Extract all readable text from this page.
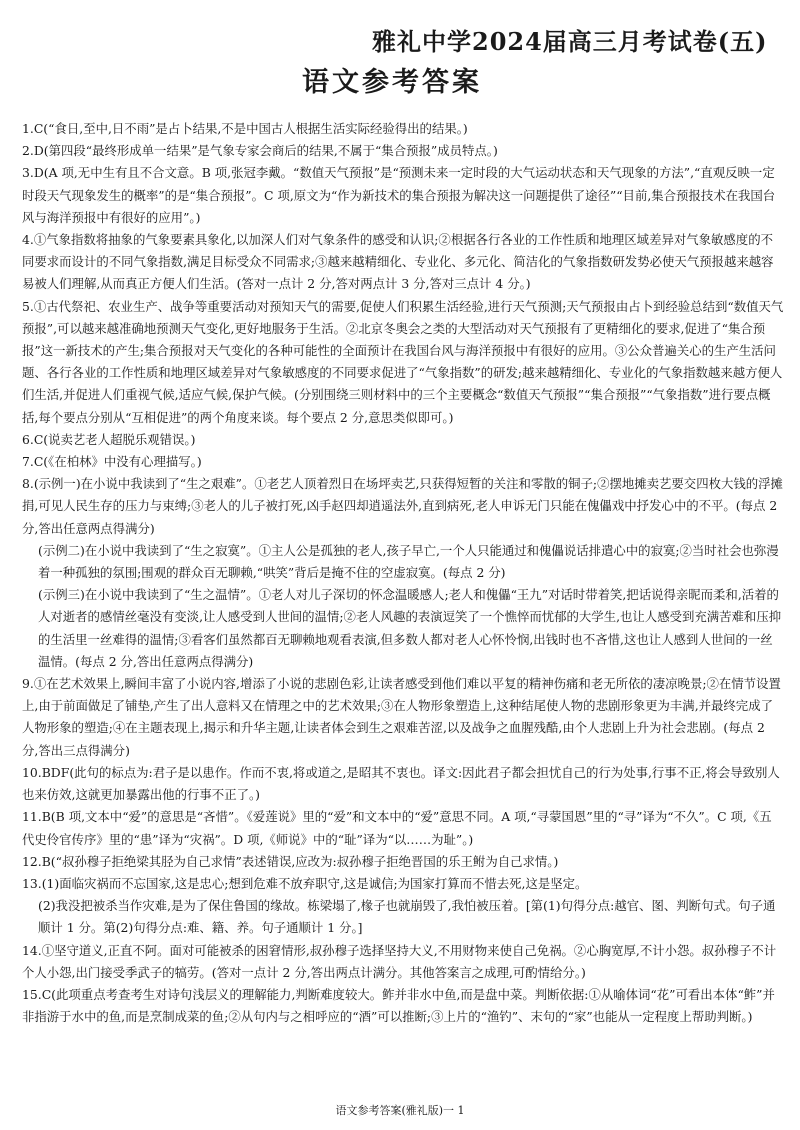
雅礼中学2024届高三月考试卷(五)
语文参考答案

1.C(“食日,至中,日不雨”是占卜结果,不是中国古人根据生活实际经验得出的结果。)

2.D(第四段“最终形成单一结果”是气象专家会商后的结果,不属于“集合预报”成员特点。)

3.D(A 项,无中生有且不合文意。B 项,张冠李戴。“数值天气预报”是“预测未来一定时段的大气运动状态和天气现象的方法”,“直观反映一定时段天气现象发生的概率”的是“集合预报”。C 项,原文为“作为新技术的集合预报为解决这一问题提供了途径”“目前,集合预报技术在我国台风与海洋预报中有很好的应用”。)

4.①气象指数将抽象的气象要素具象化,以加深人们对气象条件的感受和认识;②根据各行各业的工作性质和地理区域差异对气象敏感度的不同要求而设计的不同气象指数,满足目标受众不同需求;③越来越精细化、专业化、多元化、简洁化的气象指数研发势必使天气预报越来越容易被人们理解,从而真正方便人们生活。(答对一点计 2 分,答对两点计 3 分,答对三点计 4 分。)

5.①古代祭祀、农业生产、战争等重要活动对预知天气的需要,促使人们积累生活经验,进行天气预测;天气预报由占卜到经验总结到“数值天气预报”,可以越来越准确地预测天气变化,更好地服务于生活。②北京冬奥会之类的大型活动对天气预报有了更精细化的要求,促进了“集合预报”这一新技术的产生;集合预报对天气变化的各种可能性的全面预计在我国台风与海洋预报中有很好的应用。③公众普遍关心的生产生活问题、各行各业的工作性质和地理区域差异对气象敏感度的不同要求促进了“气象指数”的研发;越来越精细化、专业化的气象指数越来越方便人们生活,并促进人们重视气候,适应气候,保护气候。(分别围绕三则材料中的三个主要概念“数值天气预报”“集合预报”“气象指数”进行要点概括,每个要点分别从“互相促进”的两个角度来谈。每个要点 2 分,意思类似即可。)

6.C(说卖艺老人超脱乐观错误。)

7.C(《在柏林》中没有心理描写。)

8.(示例一)在小说中我读到了“生之艰难”。①老艺人顶着烈日在场坪卖艺,只获得短暂的关注和零散的铜子;②摆地摊卖艺要交四枚大钱的浮摊捐,可见人民生存的压力与束缚;③老人的儿子被打死,凶手赵四却逍遥法外,直到病死,老人申诉无门只能在傀儡戏中抒发心中的不平。(每点 2 分,答出任意两点得满分)

(示例二)在小说中我读到了“生之寂寞”。①主人公是孤独的老人,孩子早亡,一个人只能通过和傀儡说话排遣心中的寂寞;②当时社会也弥漫着一种孤独的氛围;围观的群众百无聊赖,“哄笑”背后是掩不住的空虚寂寞。(每点 2 分)

(示例三)在小说中我读到了“生之温情”。①老人对儿子深切的怀念温暖感人;老人和傀儡“王九”对话时带着笑,把话说得亲昵而柔和,活着的人对逝者的感情丝毫没有变淡,让人感受到人世间的温情;②老人风趣的表演逗笑了一个憔悴而忧郁的大学生,也让人感受到充满苦难和压抑的生活里一丝难得的温情;③看客们虽然都百无聊赖地观看表演,但多数人都对老人心怀怜悯,出钱时也不吝惜,这也让人感到人世间的一丝温情。(每点 2 分,答出任意两点得满分)

9.①在艺术效果上,瞬间丰富了小说内容,增添了小说的悲剧色彩,让读者感受到他们难以平复的精神伤痛和老无所依的凄凉晚景;②在情节设置上,由于前面做足了铺垫,产生了出人意料又在情理之中的艺术效果;③在人物形象塑造上,这种结尾使人物的悲剧形象更为丰满,并最终完成了人物形象的塑造;④在主题表现上,揭示和升华主题,让读者体会到生之艰难苦涩,以及战争之血腥残酷,由个人悲剧上升为社会悲剧。(每点 2 分,答出三点得满分)

10.BDF(此句的标点为:君子是以患作。作而不衷,将或道之,是昭其不衷也。译文:因此君子都会担忧自己的行为处事,行事不正,将会导致别人也来仿效,这就更加暴露出他的行事不正了。)

11.B(B 项,文本中“爱”的意思是“吝惜”。《爱莲说》里的“爱”和文本中的“爱”意思不同。A 项,“寻蒙国恩”里的“寻”译为“不久”。C 项,《五代史伶官传序》里的“患”译为“灾祸”。D 项,《师说》中的“耻”译为“以……为耻”。)

12.B(“叔孙穆子拒绝梁其胫为自己求情”表述错误,应改为:叔孙穆子拒绝晋国的乐王鲋为自己求情。)

13.(1)面临灾祸而不忘国家,这是忠心;想到危难不放弃职守,这是诚信;为国家打算而不惜去死,这是坚定。

(2)我没把被杀当作灾难,是为了保住鲁国的缘故。栋梁塌了,椽子也就崩毁了,我怕被压着。[第(1)句得分点:越官、图、判断句式。句子通顺计 1 分。第(2)句得分点:难、籍、养。句子通顺计 1 分。]

14.①坚守道义,正直不阿。面对可能被杀的困窘情形,叔孙穆子选择坚持大义,不用财物来使自己免祸。②心胸宽厚,不计小怨。叔孙穆子不计个人小怨,出门接受季武子的犒劳。(答对一点计 2 分,答出两点计满分。其他答案言之成理,可酌情给分。)

15.C(此项重点考查考生对诗句浅层义的理解能力,判断难度较大。鲊并非水中鱼,而是盘中菜。判断依据:①从喻体词“花”可看出本体“鲊”并非指游于水中的鱼,而是烹制成菜的鱼;②从句内与之相呼应的“酒”可以推断;③上片的“渔钓”、末句的“家”也能从一定程度上帮助判断。)

语文参考答案(雅礼版)一 1
